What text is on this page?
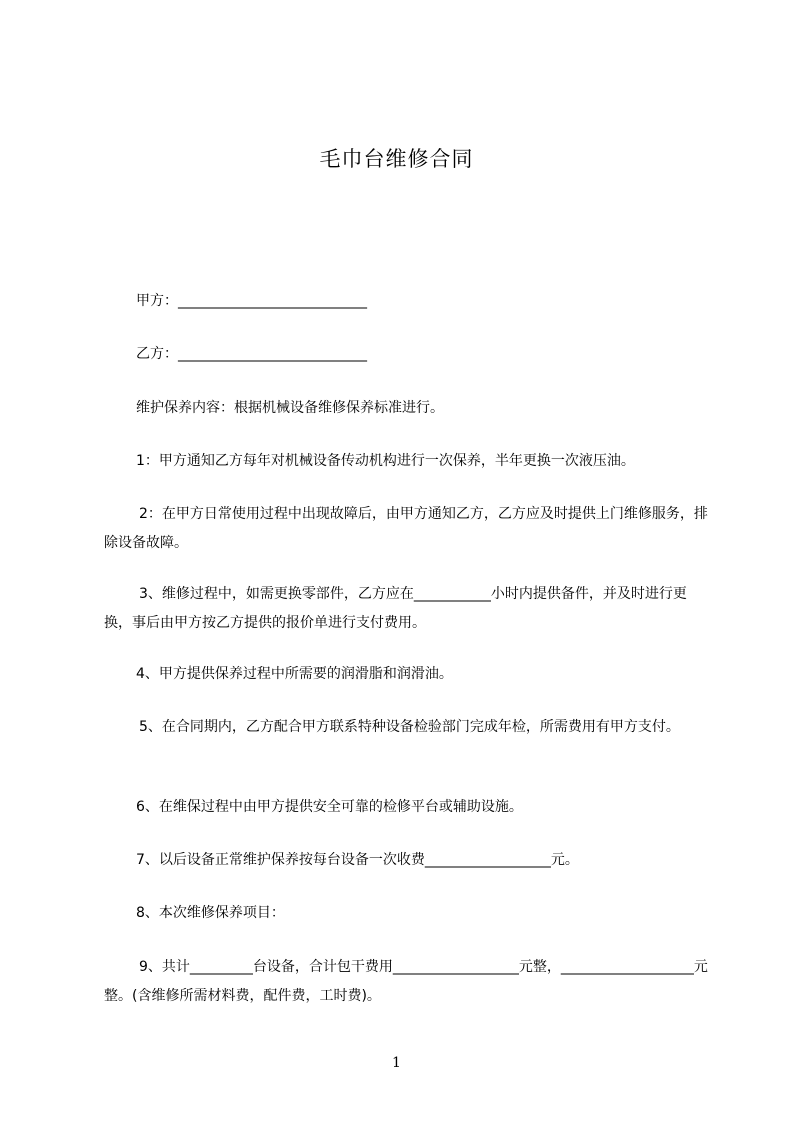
毛巾台维修合同

甲方：___________________________

乙方：___________________________

维护保养内容：根据机械设备维修保养标准进行。

1：甲方通知乙方每年对机械设备传动机构进行一次保养，半年更换一次液压油。

2：在甲方日常使用过程中出现故障后，由甲方通知乙方，乙方应及时提供上门维修服务，排除设备故障。

3、维修过程中，如需更换零部件，乙方应在___________小时内提供备件，并及时进行更换，事后由甲方按乙方提供的报价单进行支付费用。

4、甲方提供保养过程中所需要的润滑脂和润滑油。

5、在合同期内，乙方配合甲方联系特种设备检验部门完成年检，所需费用有甲方支付。

6、在维保过程中由甲方提供安全可靠的检修平台或辅助设施。

7、以后设备正常维护保养按每台设备一次收费__________________元。

8、本次维修保养项目：

9、共计_________台设备，合计包干费用__________________元整，___________________元整。(含维修所需材料费，配件费，工时费)。

1
